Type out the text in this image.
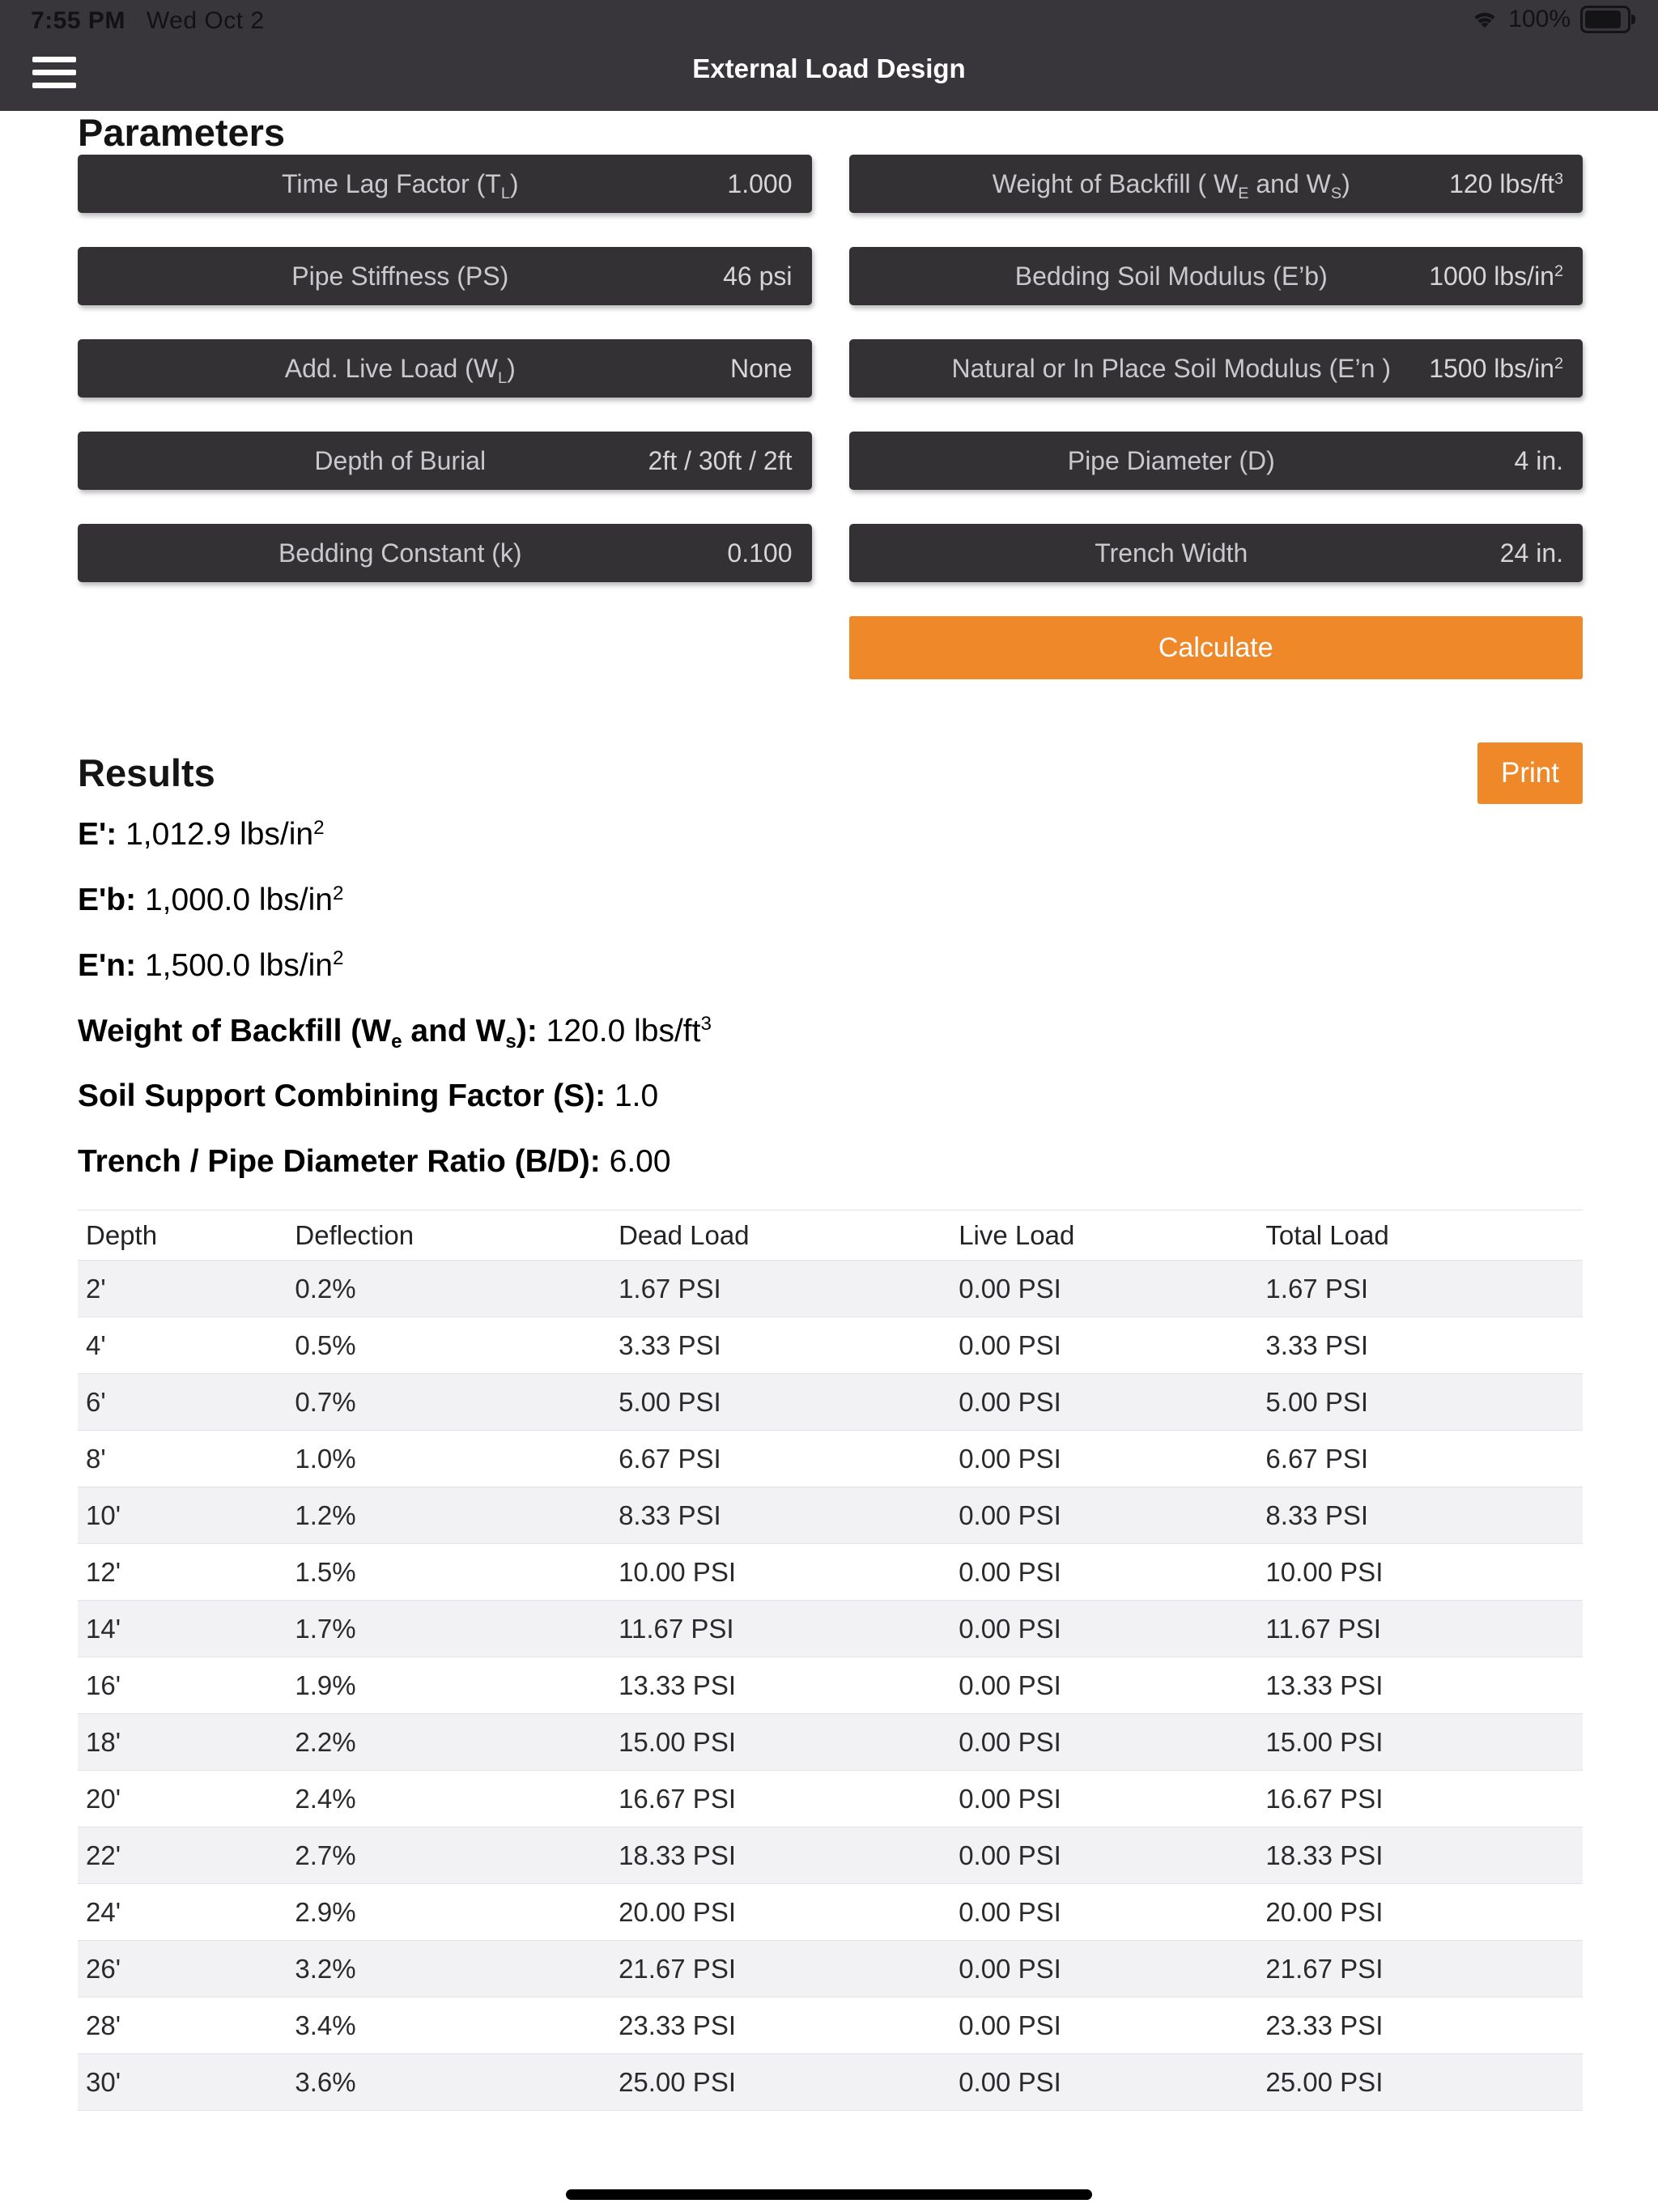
7:55 PM Wed Oct 2	100%
External Load Design
Parameters
Time Lag Factor $(T_L)$	1.000
Pipe Stiffness (PS)	46 psi
Add. Live Load $(W_L)$	None
Depth of Burial	2ft / 30ft / 2ft
Bedding Constant (k)	0.100
Weight of Backfill ( $W_E$ and $W_S$)	120 lbs/$ft^3$
Bedding Soil Modulus (E’b)	1000 lbs/$in^2$
Natural or In Place Soil Modulus (E’n )	1500 lbs/$in^2$
Pipe Diameter (D)	4 in.
Trench Width	24 in.
Calculate
Results	Print
E': 1,012.9 lbs/$in^2$
E'b: 1,000.0 lbs/$in^2$
E'n: 1,500.0 lbs/$in^2$
Weight of Backfill ($W_e$ and $W_s$): 120.0 lbs/$ft^3$
Soil Support Combining Factor (S): 1.0
Trench / Pipe Diameter Ratio (B/D): 6.00
Depth	Deflection	Dead Load	Live Load	Total Load
2'	0.2%	1.67 PSI	0.00 PSI	1.67 PSI
4'	0.5%	3.33 PSI	0.00 PSI	3.33 PSI
6'	0.7%	5.00 PSI	0.00 PSI	5.00 PSI
8'	1.0%	6.67 PSI	0.00 PSI	6.67 PSI
10'	1.2%	8.33 PSI	0.00 PSI	8.33 PSI
12'	1.5%	10.00 PSI	0.00 PSI	10.00 PSI
14'	1.7%	11.67 PSI	0.00 PSI	11.67 PSI
16'	1.9%	13.33 PSI	0.00 PSI	13.33 PSI
18'	2.2%	15.00 PSI	0.00 PSI	15.00 PSI
20'	2.4%	16.67 PSI	0.00 PSI	16.67 PSI
22'	2.7%	18.33 PSI	0.00 PSI	18.33 PSI
24'	2.9%	20.00 PSI	0.00 PSI	20.00 PSI
26'	3.2%	21.67 PSI	0.00 PSI	21.67 PSI
28'	3.4%	23.33 PSI	0.00 PSI	23.33 PSI
30'	3.6%	25.00 PSI	0.00 PSI	25.00 PSI
